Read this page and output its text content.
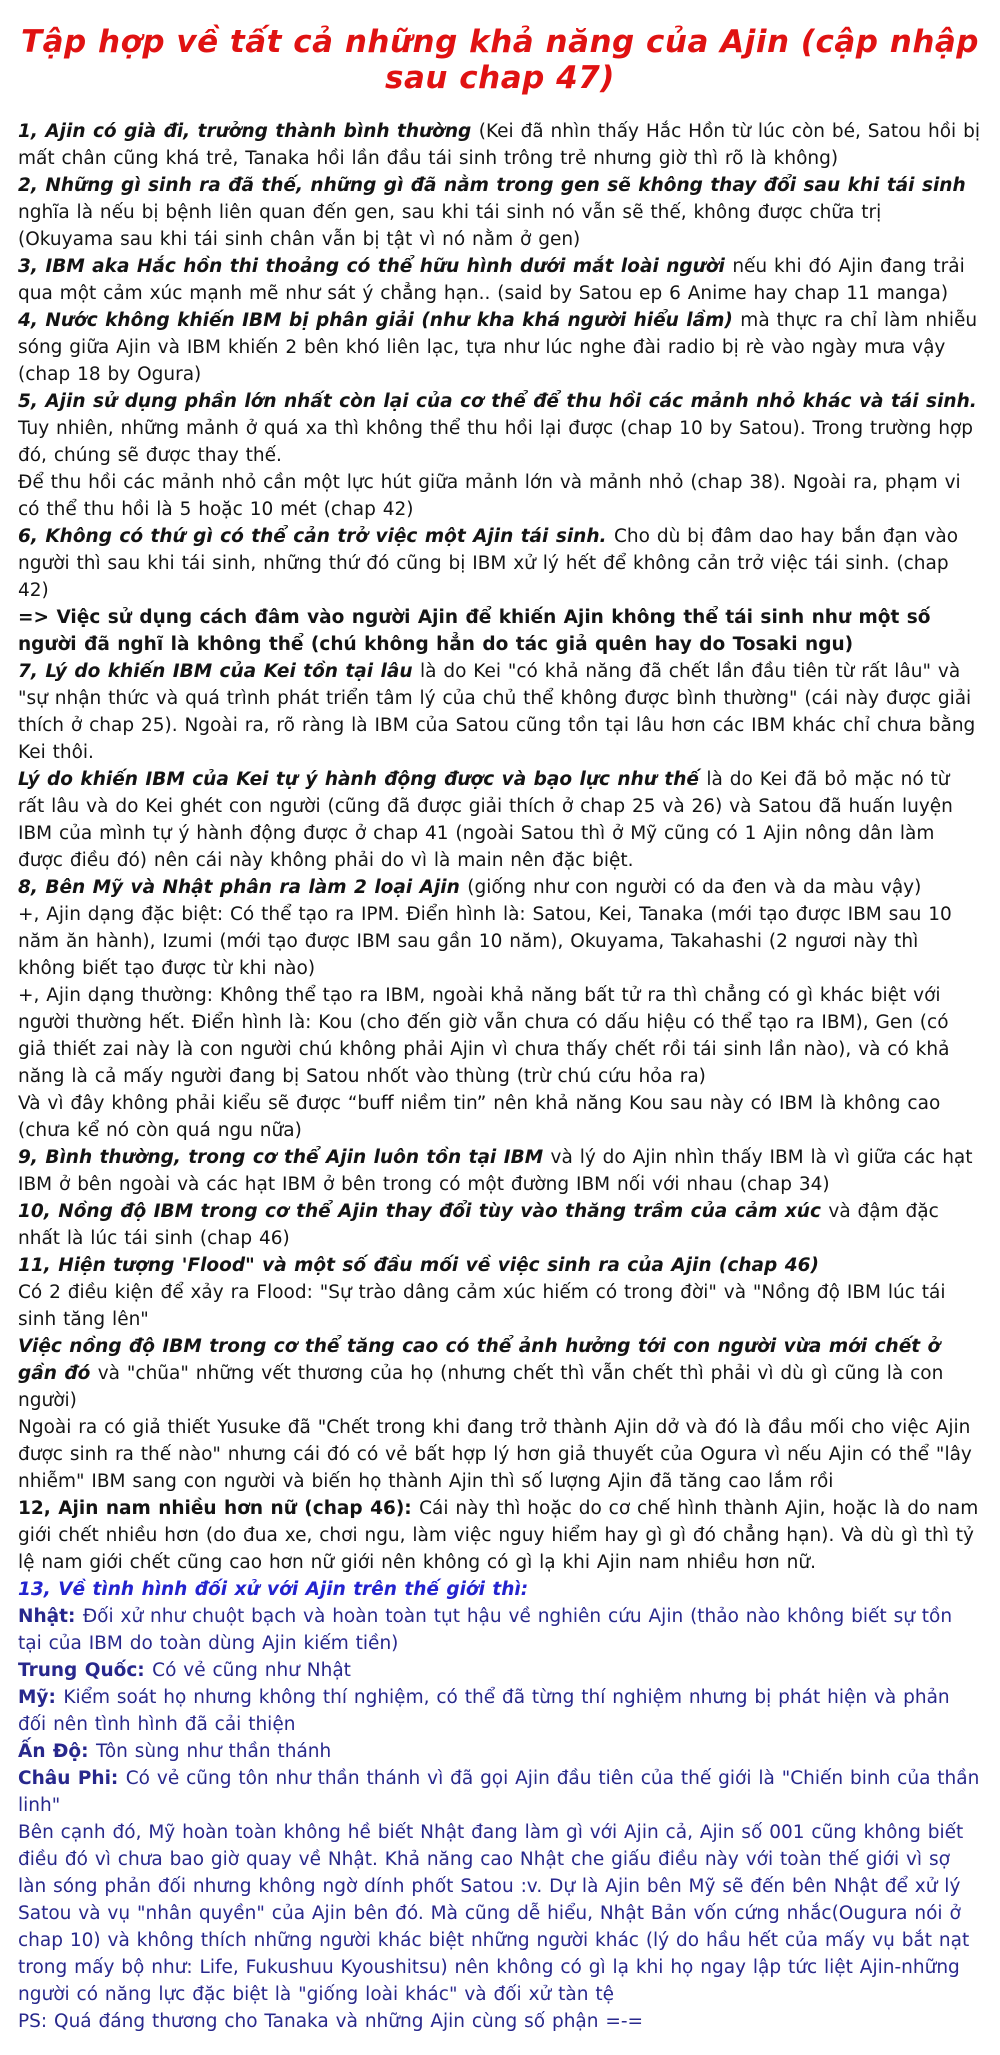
Tập hợp về tất cả những khả năng của Ajin (cập nhập sau chap 47)

1, Ajin có già đi, trưởng thành bình thường (Kei đã nhìn thấy Hắc Hồn từ lúc còn bé, Satou hồi bị mất chân cũng khá trẻ, Tanaka hồi lần đầu tái sinh trông trẻ nhưng giờ thì rõ là không)

2, Những gì sinh ra đã thế, những gì đã nằm trong gen sẽ không thay đổi sau khi tái sinh nghĩa là nếu bị bệnh liên quan đến gen, sau khi tái sinh nó vẫn sẽ thế, không được chữa trị (Okuyama sau khi tái sinh chân vẫn bị tật vì nó nằm ở gen)

3, IBM aka Hắc hồn thi thoảng có thể hữu hình dưới mắt loài người nếu khi đó Ajin đang trải qua một cảm xúc mạnh mẽ như sát ý chẳng hạn.. (said by Satou ep 6 Anime hay chap 11 manga)

4, Nước không khiến IBM bị phân giải (như kha khá người hiểu lầm) mà thực ra chỉ làm nhiễu sóng giữa Ajin và IBM khiến 2 bên khó liên lạc, tựa như lúc nghe đài radio bị rè vào ngày mưa vậy (chap 18 by Ogura)

5, Ajin sử dụng phần lớn nhất còn lại của cơ thể để thu hồi các mảnh nhỏ khác và tái sinh. Tuy nhiên, những mảnh ở quá xa thì không thể thu hồi lại được (chap 10 by Satou). Trong trường hợp đó, chúng sẽ được thay thế.

Để thu hồi các mảnh nhỏ cần một lực hút giữa mảnh lớn và mảnh nhỏ (chap 38). Ngoài ra, phạm vi có thể thu hồi là 5 hoặc 10 mét (chap 42)

6, Không có thứ gì có thể cản trở việc một Ajin tái sinh. Cho dù bị đâm dao hay bắn đạn vào người thì sau khi tái sinh, những thứ đó cũng bị IBM xử lý hết để không cản trở việc tái sinh. (chap 42)

=> Việc sử dụng cách đâm vào người Ajin để khiến Ajin không thể tái sinh như một số người đã nghĩ là không thể (chú không hẳn do tác giả quên hay do Tosaki ngu)

7, Lý do khiến IBM của Kei tồn tại lâu là do Kei "có khả năng đã chết lần đầu tiên từ rất lâu" và "sự nhận thức và quá trình phát triển tâm lý của chủ thể không được bình thường" (cái này được giải thích ở chap 25). Ngoài ra, rõ ràng là IBM của Satou cũng tồn tại lâu hơn các IBM khác chỉ chưa bằng Kei thôi.

Lý do khiến IBM của Kei tự ý hành động được và bạo lực như thế là do Kei đã bỏ mặc nó từ rất lâu và do Kei ghét con người (cũng đã được giải thích ở chap 25 và 26) và Satou đã huấn luyện IBM của mình tự ý hành động được ở chap 41 (ngoài Satou thì ở Mỹ cũng có 1 Ajin nông dân làm được điều đó) nên cái này không phải do vì là main nên đặc biệt.

8, Bên Mỹ và Nhật phân ra làm 2 loại Ajin (giống như con người có da đen và da màu vậy)

+, Ajin dạng đặc biệt: Có thể tạo ra IPM. Điển hình là: Satou, Kei, Tanaka (mới tạo được IBM sau 10 năm ăn hành), Izumi (mới tạo được IBM sau gần 10 năm), Okuyama, Takahashi (2 ngươi này thì không biết tạo được từ khi nào)

+, Ajin dạng thường: Không thể tạo ra IBM, ngoài khả năng bất tử ra thì chẳng có gì khác biệt với người thường hết. Điển hình là: Kou (cho đến giờ vẫn chưa có dấu hiệu có thể tạo ra IBM), Gen (có giả thiết zai này là con người chú không phải Ajin vì chưa thấy chết rồi tái sinh lần nào), và có khả năng là cả mấy người đang bị Satou nhốt vào thùng (trừ chú cứu hỏa ra)

Và vì đây không phải kiểu sẽ được “buff niềm tin” nên khả năng Kou sau này có IBM là không cao (chưa kể nó còn quá ngu nữa)

9, Bình thường, trong cơ thể Ajin luôn tồn tại IBM và lý do Ajin nhìn thấy IBM là vì giữa các hạt IBM ở bên ngoài và các hạt IBM ở bên trong có một đường IBM nối với nhau (chap 34)

10, Nồng độ IBM trong cơ thể Ajin thay đổi tùy vào thăng trầm của cảm xúc và đậm đặc nhất là lúc tái sinh (chap 46)

11, Hiện tượng 'Flood" và một số đầu mối về việc sinh ra của Ajin (chap 46)

Có 2 điều kiện để xảy ra Flood: "Sự trào dâng cảm xúc hiếm có trong đời" và "Nồng độ IBM lúc tái sinh tăng lên"

Việc nồng độ IBM trong cơ thể tăng cao có thể ảnh hưởng tới con người vừa mới chết ở gần đó và "chũa" những vết thương của họ (nhưng chết thì vẫn chết thì phải vì dù gì cũng là con người)

Ngoài ra có giả thiết Yusuke đã "Chết trong khi đang trở thành Ajin dở và đó là đầu mối cho việc Ajin được sinh ra thế nào" nhưng cái đó có vẻ bất hợp lý hơn giả thuyết của Ogura vì nếu Ajin có thể "lây nhiễm" IBM sang con người và biến họ thành Ajin thì số lượng Ajin đã tăng cao lắm rồi

12, Ajin nam nhiều hơn nữ (chap 46): Cái này thì hoặc do cơ chế hình thành Ajin, hoặc là do nam giới chết nhiều hơn (do đua xe, chơi ngu, làm việc nguy hiểm hay gì gì đó chẳng hạn). Và dù gì thì tỷ lệ nam giới chết cũng cao hơn nữ giới nên không có gì lạ khi Ajin nam nhiều hơn nữ.

13, Về tình hình đối xử với Ajin trên thế giới thì:

Nhật: Đối xử như chuột bạch và hoàn toàn tụt hậu về nghiên cứu Ajin (thảo nào không biết sự tồn tại của IBM do toàn dùng Ajin kiếm tiền)

Trung Quốc: Có vẻ cũng như Nhật

Mỹ: Kiểm soát họ nhưng không thí nghiệm, có thể đã từng thí nghiệm nhưng bị phát hiện và phản đối nên tình hình đã cải thiện

Ấn Độ: Tôn sùng như thần thánh

Châu Phi: Có vẻ cũng tôn như thần thánh vì đã gọi Ajin đầu tiên của thế giới là "Chiến binh của thần linh"

Bên cạnh đó, Mỹ hoàn toàn không hề biết Nhật đang làm gì với Ajin cả, Ajin số 001 cũng không biết điều đó vì chưa bao giờ quay về Nhật. Khả năng cao Nhật che giấu điều này với toàn thế giới vì sợ làn sóng phản đối nhưng không ngờ dính phốt Satou :v. Dự là Ajin bên Mỹ sẽ đến bên Nhật để xử lý Satou và vụ "nhân quyền" của Ajin bên đó. Mà cũng dễ hiểu, Nhật Bản vốn cứng nhắc(Ougura nói ở chap 10) và không thích những người khác biệt những người khác (lý do hầu hết của mấy vụ bắt nạt trong mấy bộ như: Life, Fukushuu Kyoushitsu) nên không có gì lạ khi họ ngay lập tức liệt Ajin-những người có năng lực đặc biệt là "giống loài khác" và đối xử tàn tệ

PS: Quá đáng thương cho Tanaka và những Ajin cùng số phận =-=
